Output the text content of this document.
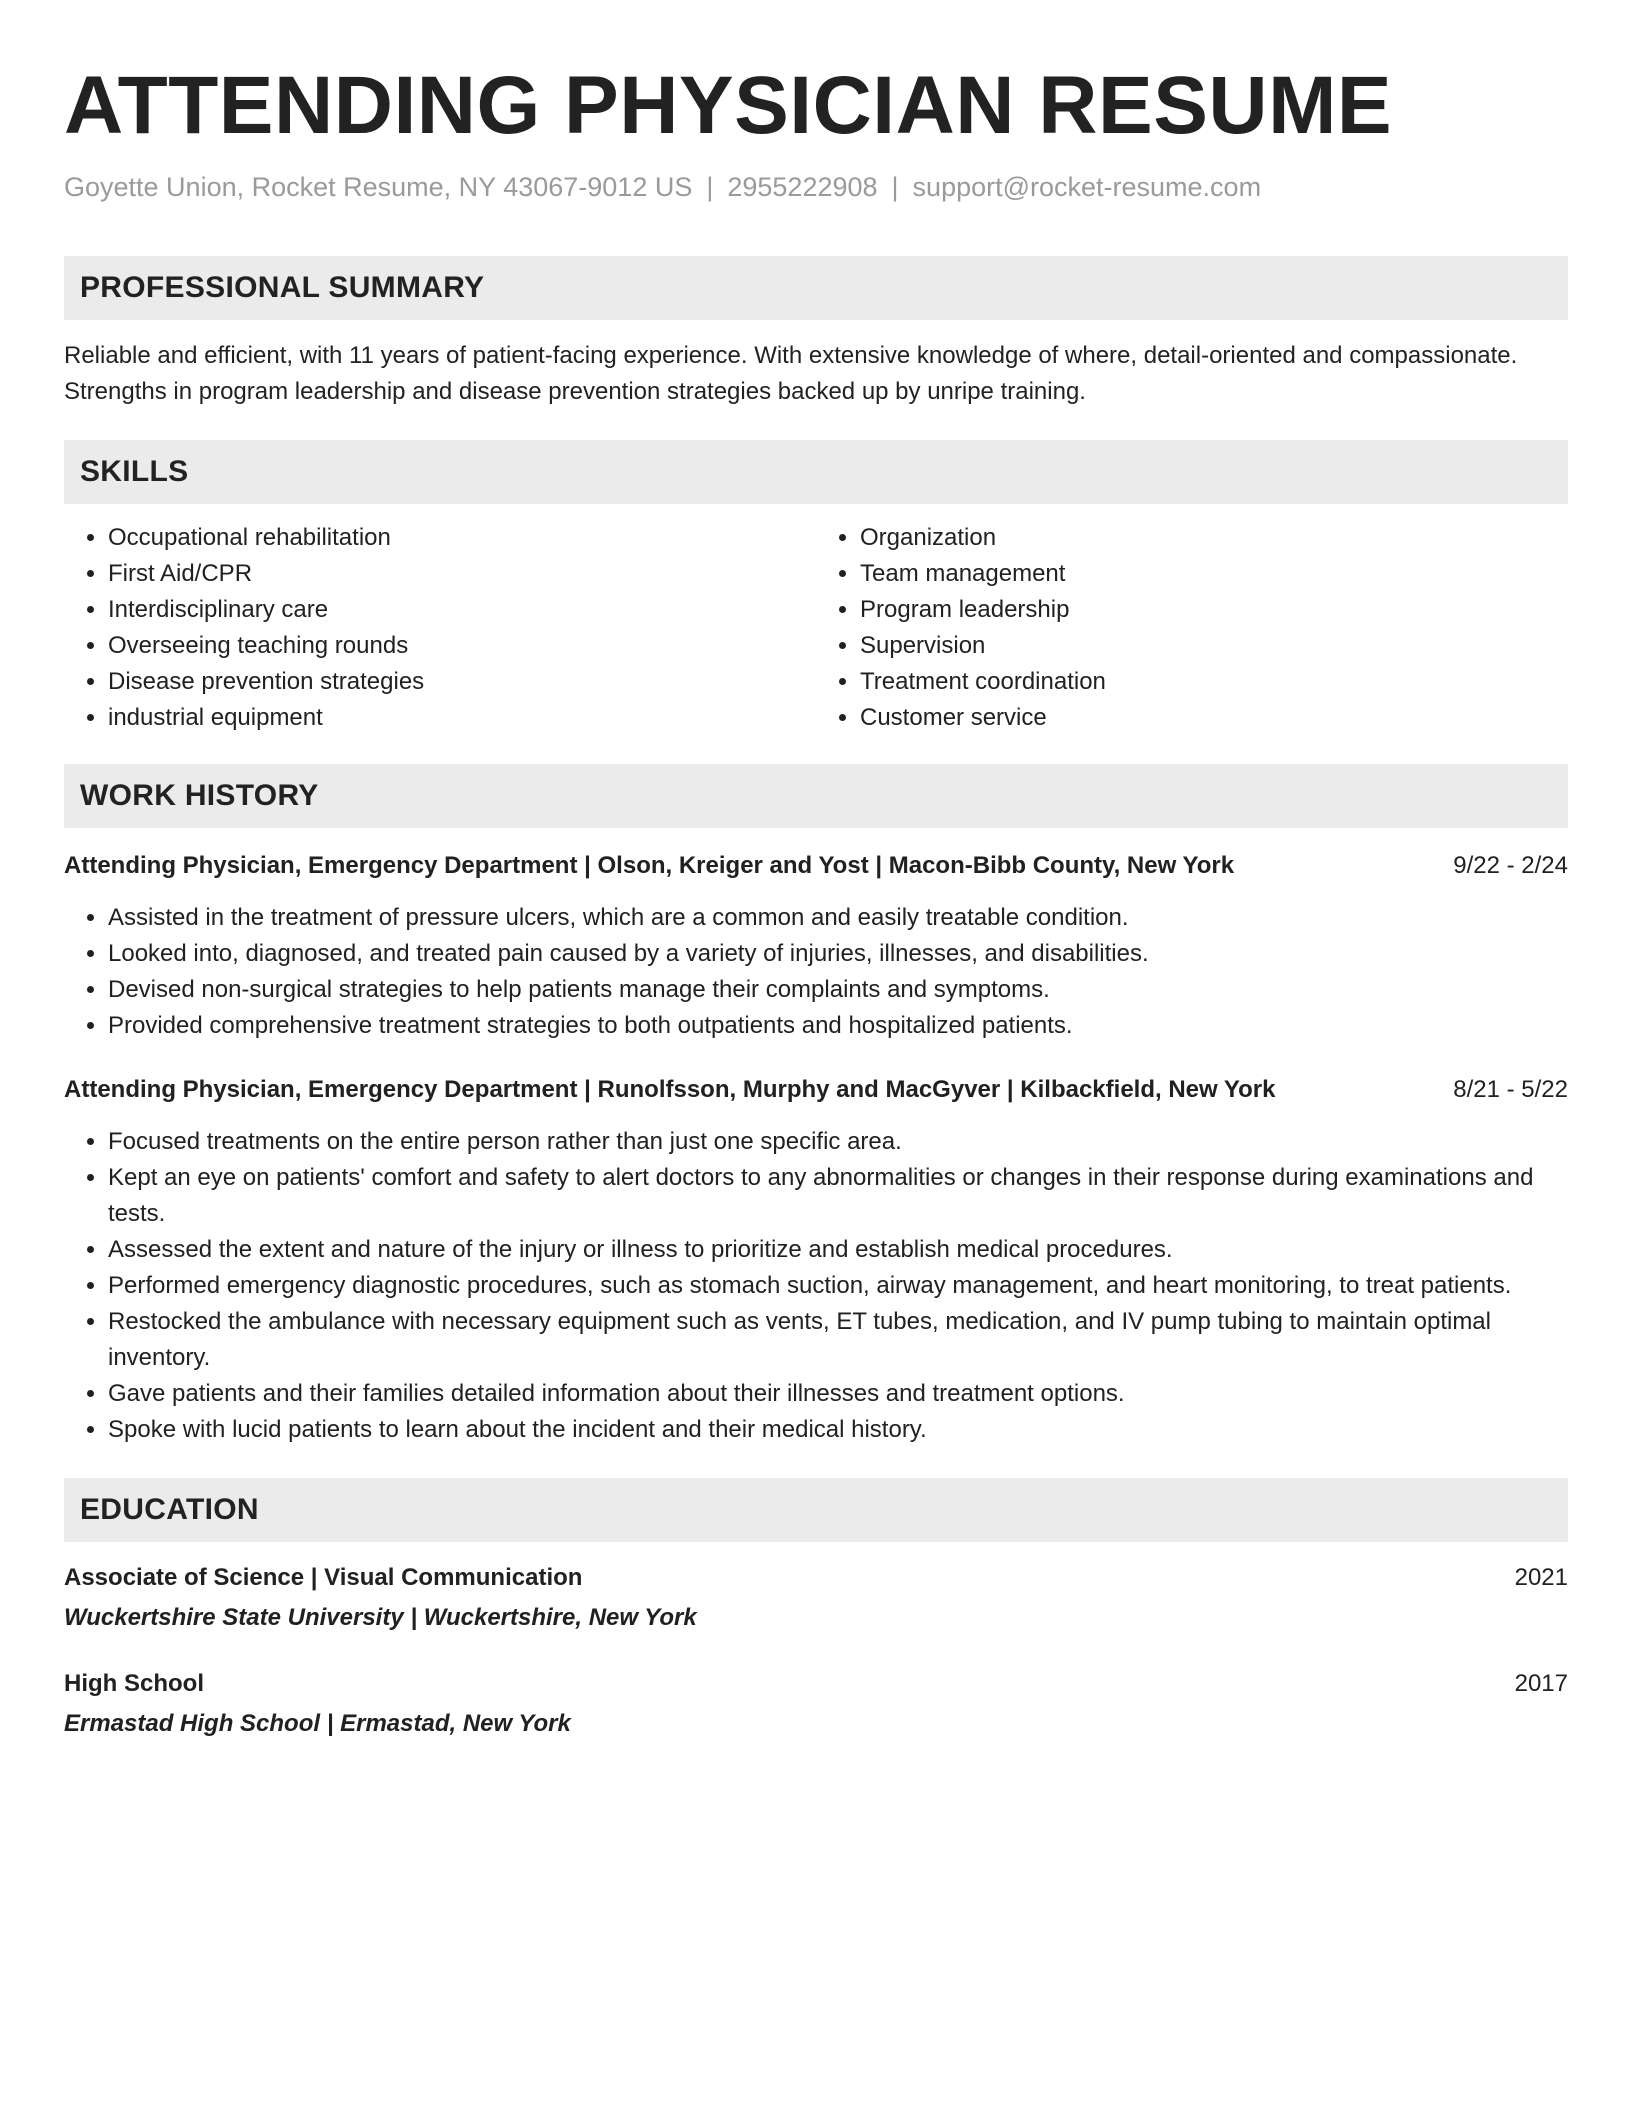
ATTENDING PHYSICIAN RESUME
Goyette Union, Rocket Resume, NY 43067-9012 US | 2955222908 | support@rocket-resume.com
PROFESSIONAL SUMMARY

Reliable and efficient, with 11 years of patient-facing experience. With extensive knowledge of where, detail-oriented and compassionate. Strengths in program leadership and disease prevention strategies backed up by unripe training.

SKILLS
• Occupational rehabilitation
• First Aid/CPR
• Interdisciplinary care
• Overseeing teaching rounds
• Disease prevention strategies
• industrial equipment
• Organization
• Team management
• Program leadership
• Supervision
• Treatment coordination
• Customer service
WORK HISTORY
Attending Physician, Emergency Department | Olson, Kreiger and Yost | Macon-Bibb County, New York	9/22 - 2/24
• Assisted in the treatment of pressure ulcers, which are a common and easily treatable condition.
• Looked into, diagnosed, and treated pain caused by a variety of injuries, illnesses, and disabilities.
• Devised non-surgical strategies to help patients manage their complaints and symptoms.
• Provided comprehensive treatment strategies to both outpatients and hospitalized patients.
Attending Physician, Emergency Department | Runolfsson, Murphy and MacGyver | Kilbackfield, New York	8/21 - 5/22
• Focused treatments on the entire person rather than just one specific area.
• Kept an eye on patients' comfort and safety to alert doctors to any abnormalities or changes in their response during examinations and tests.
• Assessed the extent and nature of the injury or illness to prioritize and establish medical procedures.
• Performed emergency diagnostic procedures, such as stomach suction, airway management, and heart monitoring, to treat patients.
• Restocked the ambulance with necessary equipment such as vents, ET tubes, medication, and IV pump tubing to maintain optimal inventory.
• Gave patients and their families detailed information about their illnesses and treatment options.
• Spoke with lucid patients to learn about the incident and their medical history.
EDUCATION
Associate of Science | Visual Communication	2021
Wuckertshire State University | Wuckertshire, New York
High School	2017
Ermastad High School | Ermastad, New York
